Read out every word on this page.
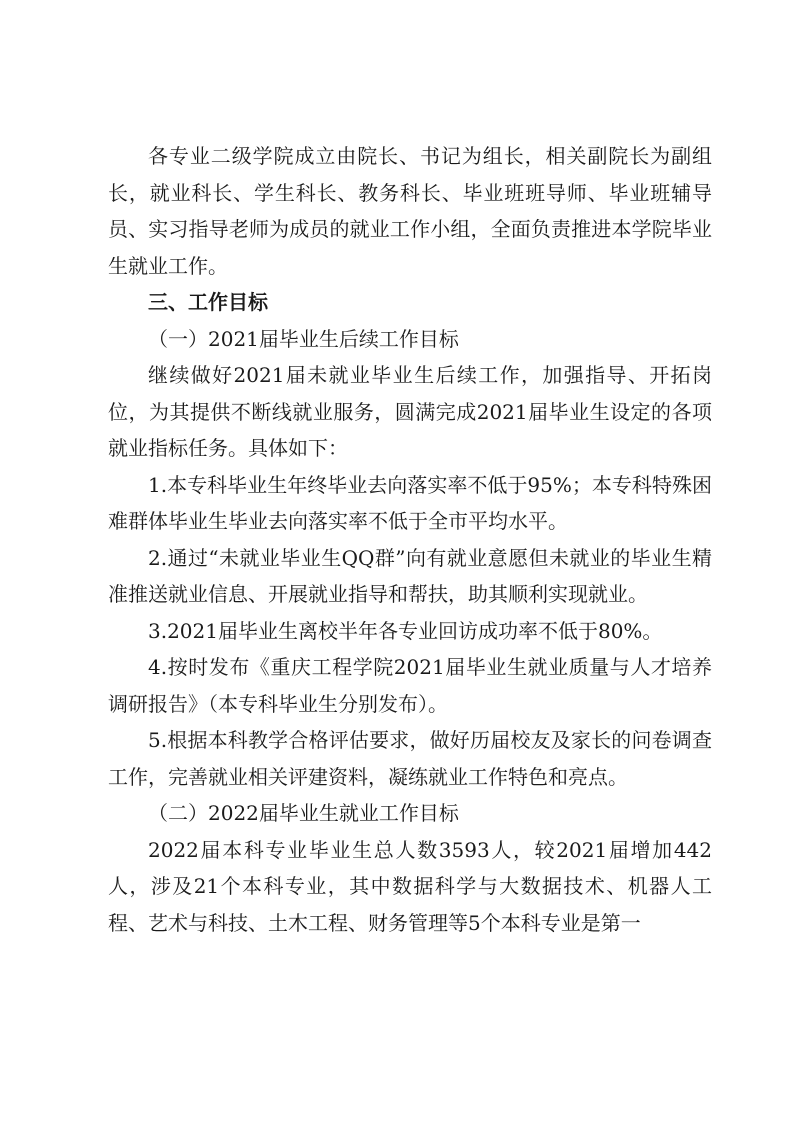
各专业二级学院成立由院长、书记为组长，相关副院长为副组长，就业科长、学生科长、教务科长、毕业班班导师、毕业班辅导员、实习指导老师为成员的就业工作小组，全面负责推进本学院毕业生就业工作。

三、工作目标

（一）2021届毕业生后续工作目标

继续做好2021届未就业毕业生后续工作，加强指导、开拓岗位，为其提供不断线就业服务，圆满完成2021届毕业生设定的各项就业指标任务。具体如下：

1.本专科毕业生年终毕业去向落实率不低于95%；本专科特殊困难群体毕业生毕业去向落实率不低于全市平均水平。

2.通过“未就业毕业生QQ群”向有就业意愿但未就业的毕业生精准推送就业信息、开展就业指导和帮扶，助其顺利实现就业。

3.2021届毕业生离校半年各专业回访成功率不低于80%。

4.按时发布《重庆工程学院2021届毕业生就业质量与人才培养调研报告》（本专科毕业生分别发布）。

5.根据本科教学合格评估要求，做好历届校友及家长的问卷调查工作，完善就业相关评建资料，凝练就业工作特色和亮点。

（二）2022届毕业生就业工作目标

2022届本科专业毕业生总人数3593人，较2021届增加442人，涉及21个本科专业，其中数据科学与大数据技术、机器人工程、艺术与科技、土木工程、财务管理等5个本科专业是第一
